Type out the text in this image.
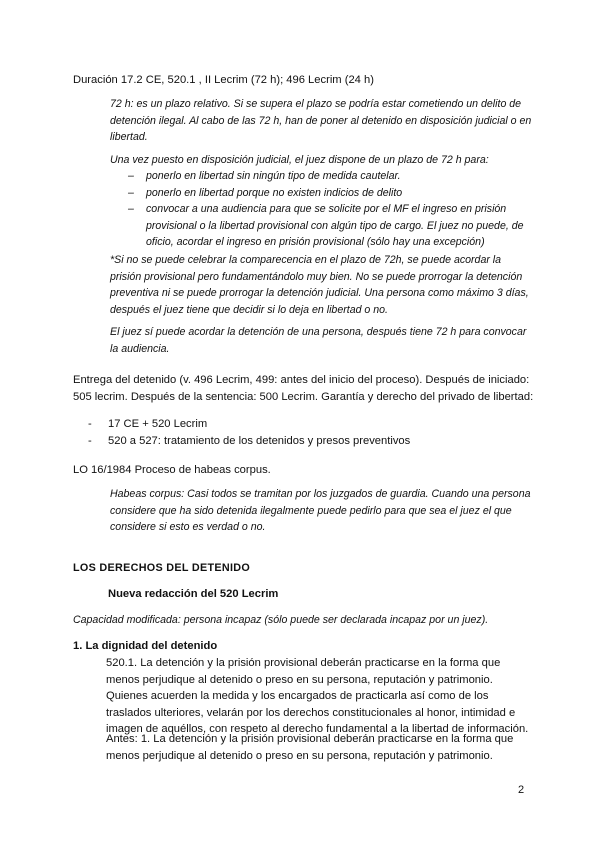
Duración 17.2 CE, 520.1 , II Lecrim (72 h); 496 Lecrim (24 h)

72 h: es un plazo relativo. Si se supera el plazo se podría estar cometiendo un delito de detención ilegal. Al cabo de las 72 h, han de poner al detenido en disposición judicial o en libertad.

Una vez puesto en disposición judicial, el juez dispone de un plazo de 72 h para:

– ponerlo en libertad sin ningún tipo de medida cautelar.
– ponerlo en libertad porque no existen indicios de delito
– convocar a una audiencia para que se solicite por el MF el ingreso en prisión provisional o la libertad provisional con algún tipo de cargo. El juez no puede, de oficio, acordar el ingreso en prisión provisional (sólo hay una excepción)

*Si no se puede celebrar la comparecencia en el plazo de 72h, se puede acordar la prisión provisional pero fundamentándolo muy bien. No se puede prorrogar la detención preventiva ni se puede prorrogar la detención judicial. Una persona como máximo 3 días, después el juez tiene que decidir si lo deja en libertad o no.

El juez sí puede acordar la detención de una persona, después tiene 72 h para convocar la audiencia.

Entrega del detenido (v. 496 Lecrim, 499: antes del inicio del proceso). Después de iniciado: 505 lecrim. Después de la sentencia: 500 Lecrim. Garantía y derecho del privado de libertad:

- 17 CE + 520 Lecrim
- 520 a 527: tratamiento de los detenidos y presos preventivos

LO 16/1984 Proceso de habeas corpus.

Habeas corpus: Casi todos se tramitan por los juzgados de guardia. Cuando una persona considere que ha sido detenida ilegalmente puede pedirlo para que sea el juez el que considere si esto es verdad o no.

LOS DERECHOS DEL DETENIDO

Nueva redacción del 520 Lecrim

Capacidad modificada: persona incapaz (sólo puede ser declarada incapaz por un juez).

1. La dignidad del detenido

520.1. La detención y la prisión provisional deberán practicarse en la forma que menos perjudique al detenido o preso en su persona, reputación y patrimonio. Quienes acuerden la medida y los encargados de practicarla así como de los traslados ulteriores, velarán por los derechos constitucionales al honor, intimidad e imagen de aquéllos, con respeto al derecho fundamental a la libertad de información.

Antes: 1. La detención y la prisión provisional deberán practicarse en la forma que menos perjudique al detenido o preso en su persona, reputación y patrimonio.

2
